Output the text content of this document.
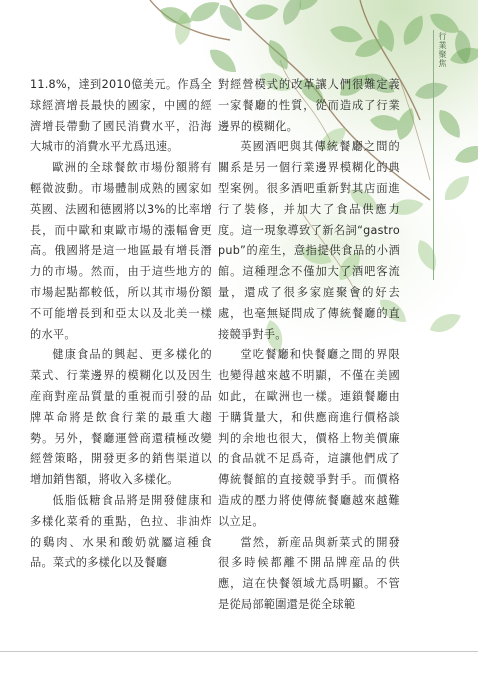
行業聚焦

11.8%，達到2010億美元。作爲全球經濟增長最快的國家，中國的經濟增長帶動了國民消費水平，沿海大城市的消費水平尤爲迅速。

歐洲的全球餐飲市場份額將有輕微波動。市場體制成熟的國家如英國、法國和德國將以3%的比率增長，而中歐和東歐市場的漲幅會更高。俄國將是這一地區最有增長潛力的市場。然而，由于這些地方的市場起點都較低，所以其市場份額不可能增長到和亞太以及北美一樣的水平。

健康食品的興起、更多樣化的菜式、行業邊界的模糊化以及因生産商對産品質量的重視而引發的品牌革命將是飲食行業的最重大趨勢。另外，餐廳運營商還積極改變經營策略，開發更多的銷售渠道以增加銷售額，將收入多樣化。

低脂低糖食品將是開發健康和多樣化菜肴的重點，色拉、非油炸的鷄肉、水果和酸奶就屬這種食品。菜式的多樣化以及餐廳

對經營模式的改革讓人們很難定義一家餐廳的性質，從而造成了行業邊界的模糊化。

英國酒吧與其傳統餐廳之間的關系是另一個行業邊界模糊化的典型案例。很多酒吧重新對其店面進行了裝修，并加大了食品供應力度。這一現象導致了新名詞“gastro pub”的産生，意指提供食品的小酒館。這種理念不僅加大了酒吧客流量，還成了很多家庭聚會的好去處，也毫無疑問成了傳統餐廳的直接競爭對手。

堂吃餐廳和快餐廳之間的界限也變得越來越不明顯，不僅在美國如此，在歐洲也一樣。連鎖餐廳由于購貨量大，和供應商進行價格談判的余地也很大，價格上物美價廉的食品就不足爲奇，這讓他們成了傳統餐館的直接競爭對手。而價格造成的壓力將使傳統餐廳越來越難以立足。

當然，新産品與新菜式的開發很多時候都離不開品牌産品的供應，這在快餐領域尤爲明顯。不管是從局部範圍還是從全球範
